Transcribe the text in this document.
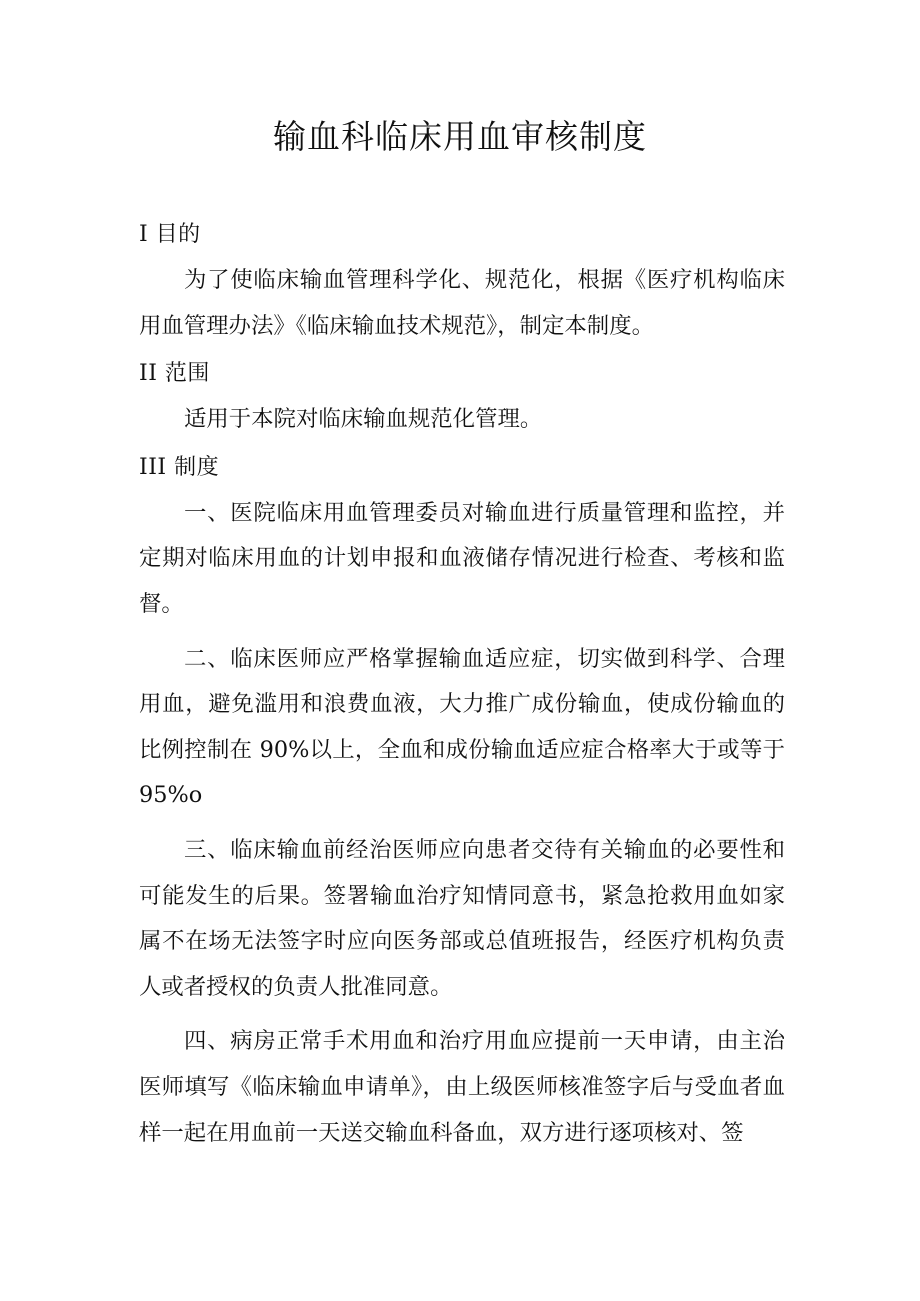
输血科临床用血审核制度

I 目的

为了使临床输血管理科学化、规范化，根据《医疗机构临床用血管理办法》《临床输血技术规范》，制定本制度。

II 范围

适用于本院对临床输血规范化管理。

III 制度

一、医院临床用血管理委员对输血进行质量管理和监控，并定期对临床用血的计划申报和血液储存情况进行检查、考核和监督。

二、临床医师应严格掌握输血适应症，切实做到科学、合理用血，避免滥用和浪费血液，大力推广成份输血，使成份输血的比例控制在 90%以上，全血和成份输血适应症合格率大于或等于95%o

三、临床输血前经治医师应向患者交待有关输血的必要性和可能发生的后果。签署输血治疗知情同意书，紧急抢救用血如家属不在场无法签字时应向医务部或总值班报告，经医疗机构负责人或者授权的负责人批准同意。

四、病房正常手术用血和治疗用血应提前一天申请，由主治医师填写《临床输血申请单》，由上级医师核准签字后与受血者血样一起在用血前一天送交输血科备血，双方进行逐项核对、签
